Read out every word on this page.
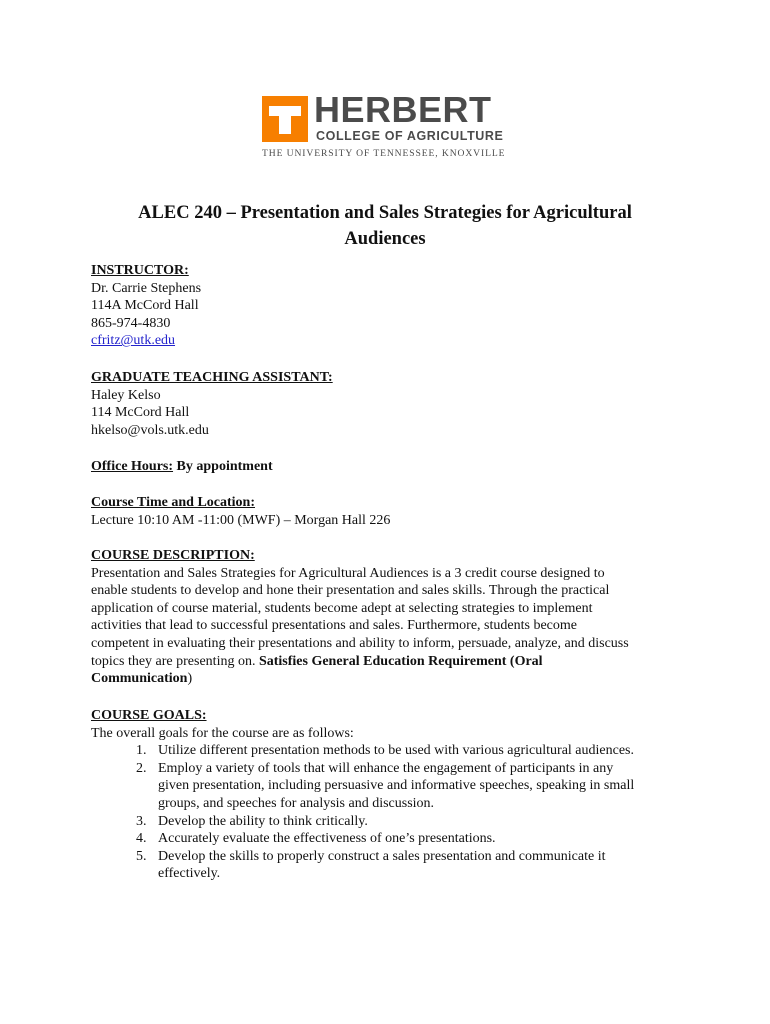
HERBERT
COLLEGE OF AGRICULTURE
THE UNIVERSITY OF TENNESSEE, KNOXVILLE
ALEC 240 – Presentation and Sales Strategies for Agricultural
Audiences
INSTRUCTOR:
Dr. Carrie Stephens
114A McCord Hall
865-974-4830
cfritz@utk.edu
GRADUATE TEACHING ASSISTANT:
Haley Kelso
114 McCord Hall
hkelso@vols.utk.edu
Office Hours: By appointment
Course Time and Location:
Lecture 10:10 AM -11:00 (MWF) – Morgan Hall 226
COURSE DESCRIPTION:
Presentation and Sales Strategies for Agricultural Audiences is a 3 credit course designed to
enable students to develop and hone their presentation and sales skills. Through the practical
application of course material, students become adept at selecting strategies to implement
activities that lead to successful presentations and sales. Furthermore, students become
competent in evaluating their presentations and ability to inform, persuade, analyze, and discuss
topics they are presenting on. Satisfies General Education Requirement (Oral
Communication)
COURSE GOALS:
The overall goals for the course are as follows:
1. Utilize different presentation methods to be used with various agricultural audiences.
2. Employ a variety of tools that will enhance the engagement of participants in any
given presentation, including persuasive and informative speeches, speaking in small
groups, and speeches for analysis and discussion.
3. Develop the ability to think critically.
4. Accurately evaluate the effectiveness of one’s presentations.
5. Develop the skills to properly construct a sales presentation and communicate it
effectively.
